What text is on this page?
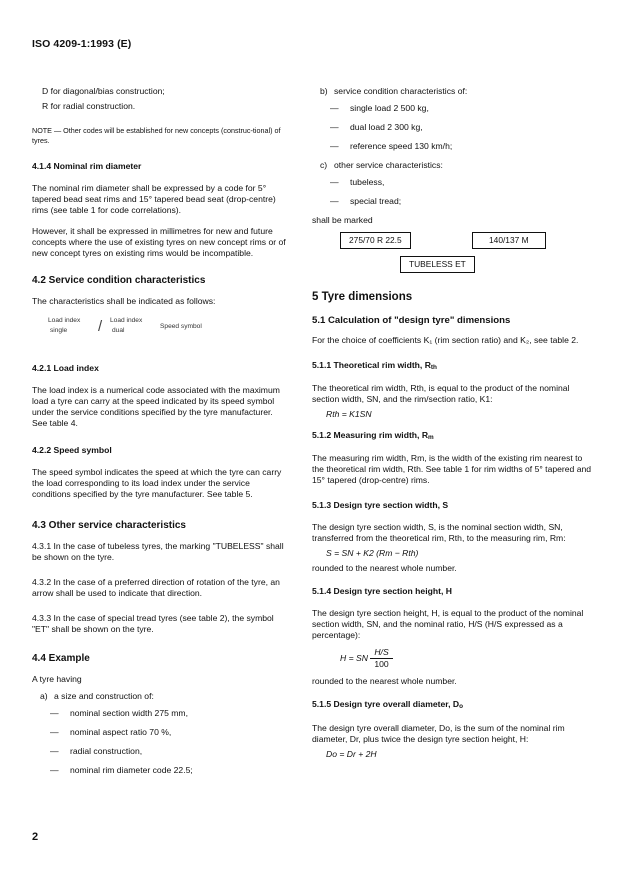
ISO 4209-1:1993 (E)

D for diagonal/bias construction;

R for radial construction.

NOTE — Other codes will be established for new concepts (construc-tional) of tyres.

4.1.4 Nominal rim diameter

The nominal rim diameter shall be expressed by a code for 5° tapered bead seat rims and 15° tapered bead seat (drop-centre) rims (see table 1 for code correlations).

However, it shall be expressed in millimetres for new and future concepts where the use of existing tyres on new concept rims or of new concept tyres on existing rims would be incompatible.

4.2 Service condition characteristics

The characteristics shall be indicated as follows:

Load index
single / Load index
dual
Speed symbol

4.2.1 Load index

The load index is a numerical code associated with the maximum load a tyre can carry at the speed indicated by its speed symbol under the service conditions specified by the tyre manufacturer. See table 4.

4.2.2 Speed symbol

The speed symbol indicates the speed at which the tyre can carry the load corresponding to its load index under the service conditions specified by the tyre manufacturer. See table 5.

4.3 Other service characteristics

4.3.1 In the case of tubeless tyres, the marking "TUBELESS" shall be shown on the tyre.

4.3.2 In the case of a preferred direction of rotation of the tyre, an arrow shall be used to indicate that direction.

4.3.3 In the case of special tread tyres (see table 2), the symbol "ET" shall be shown on the tyre.

4.4 Example

A tyre having

a) a size and construction of:
—	nominal section width 275 mm,
—	nominal aspect ratio 70 %,
—	radial construction,
—	nominal rim diameter code 22.5;
b) service condition characteristics of:
—	single load 2 500 kg,
—	dual load 2 300 kg,
—	reference speed 130 km/h;
c) other service characteristics:
—	tubeless,
—	special tread;

shall be marked

275/70 R 22.5	140/137 M
TUBELESS ET

5 Tyre dimensions

5.1 Calculation of "design tyre" dimensions

For the choice of coefficients K₁ (rim section ratio) and K₂, see table 2.

5.1.1 Theoretical rim width, Rth

The theoretical rim width, Rth, is equal to the product of the nominal section width, SN, and the rim/section ratio, K1:

Rth = K1SN

5.1.2 Measuring rim width, Rm

The measuring rim width, Rm, is the width of the existing rim nearest to the theoretical rim width, Rth. See table 1 for rim widths of 5° tapered and 15° tapered (drop-centre) rims.

5.1.3 Design tyre section width, S

The design tyre section width, S, is the nominal section width, SN, transferred from the theoretical rim, Rth, to the measuring rim, Rm:

S = SN + K2 (Rm − Rth)

rounded to the nearest whole number.

5.1.4 Design tyre section height, H

The design tyre section height, H, is equal to the product of the nominal section width, SN, and the nominal ratio, H/S (H/S expressed as a percentage):

H = SN $\frac{H/S}{100}$

rounded to the nearest whole number.

5.1.5 Design tyre overall diameter, Do

The design tyre overall diameter, Do, is the sum of the nominal rim diameter, Dr, plus twice the design tyre section height, H:

Do = Dr + 2H

2
